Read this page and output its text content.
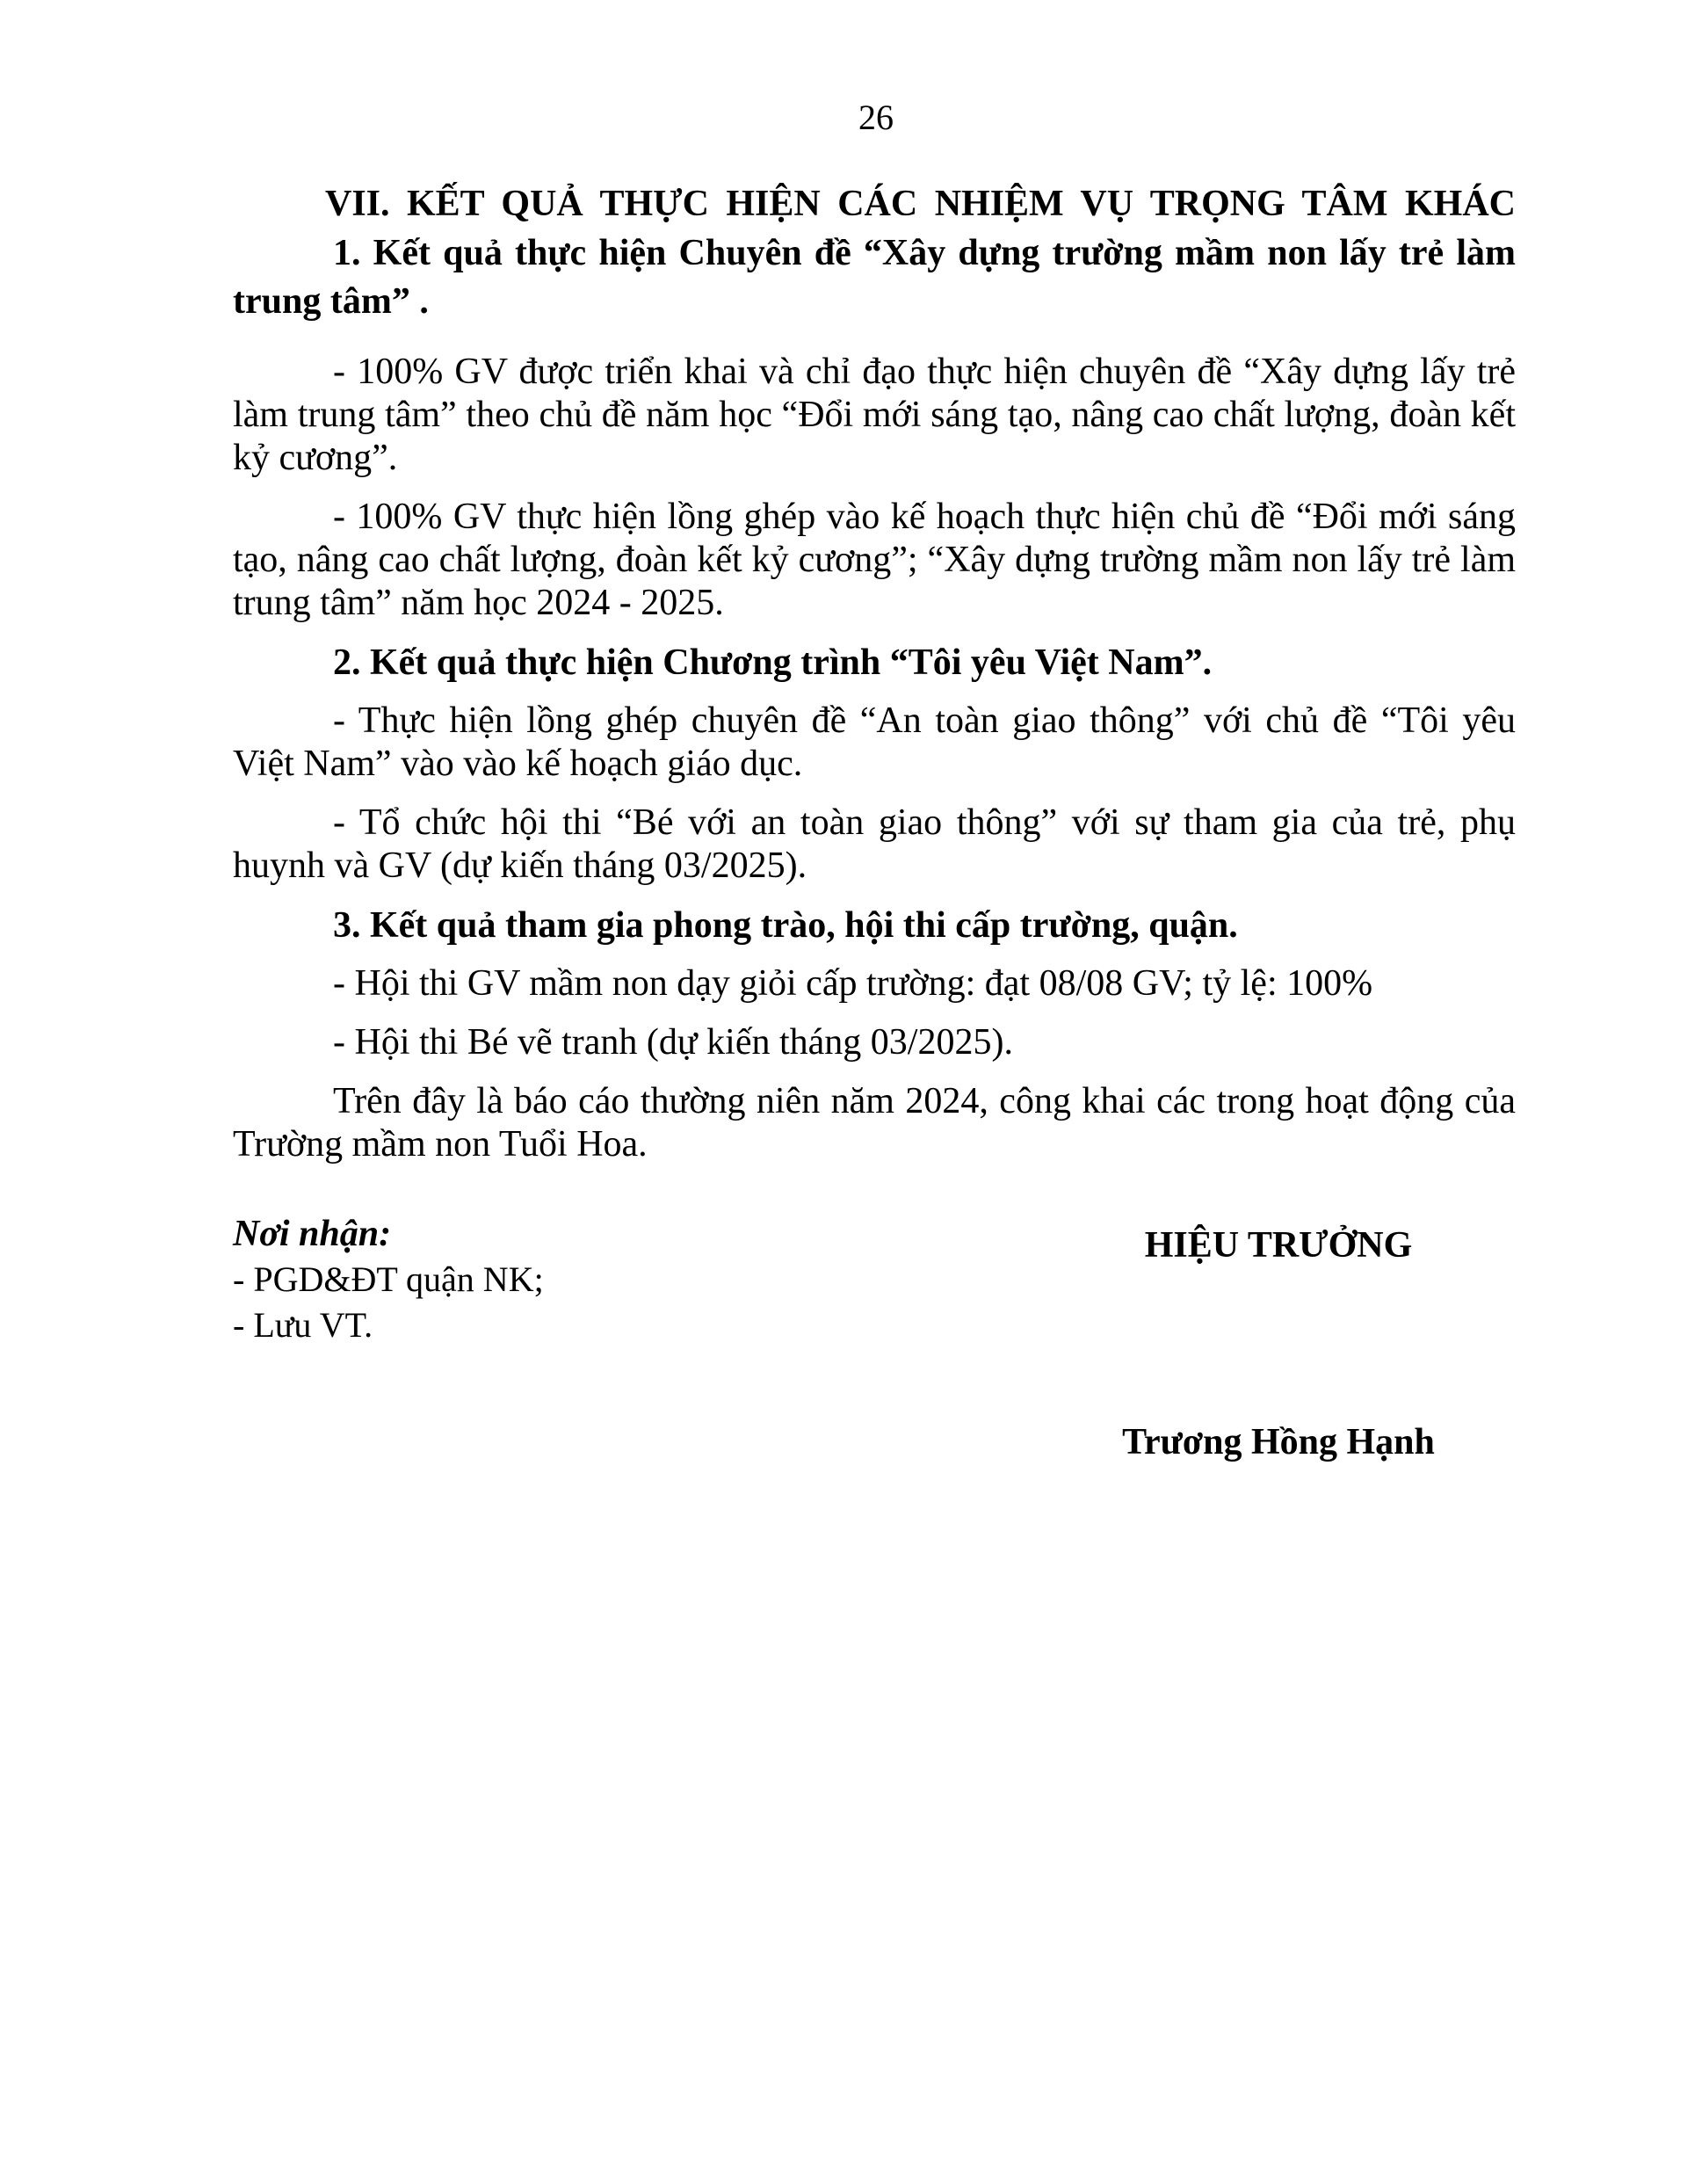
26

VII. KẾT QUẢ THỰC HIỆN CÁC NHIỆM VỤ TRỌNG TÂM KHÁC

1. Kết quả thực hiện Chuyên đề “Xây dựng trường mầm non lấy trẻ làm trung tâm” .

- 100% GV được triển khai và chỉ đạo thực hiện chuyên đề “Xây dựng lấy trẻ làm trung tâm” theo chủ đề năm học “Đổi mới sáng tạo, nâng cao chất lượng, đoàn kết kỷ cương”.

- 100% GV thực hiện lồng ghép vào kế hoạch thực hiện chủ đề “Đổi mới sáng tạo, nâng cao chất lượng, đoàn kết kỷ cương”; “Xây dựng trường mầm non lấy trẻ làm trung tâm” năm học 2024 - 2025.

2. Kết quả thực hiện Chương trình “Tôi yêu Việt Nam”.

- Thực hiện lồng ghép chuyên đề “An toàn giao thông” với chủ đề “Tôi yêu Việt Nam” vào vào kế hoạch giáo dục.

- Tổ chức hội thi “Bé với an toàn giao thông” với sự tham gia của trẻ, phụ huynh và GV (dự kiến tháng 03/2025).

3. Kết quả tham gia phong trào, hội thi cấp trường, quận.

- Hội thi GV mầm non dạy giỏi cấp trường: đạt 08/08 GV; tỷ lệ: 100%

- Hội thi Bé vẽ tranh (dự kiến tháng 03/2025).

Trên đây là báo cáo thường niên năm 2024, công khai các trong hoạt động của Trường mầm non Tuổi Hoa.

Nơi nhận:
- PGD&ĐT quận NK;
- Lưu VT.
HIỆU TRƯỞNG
Trương Hồng Hạnh
